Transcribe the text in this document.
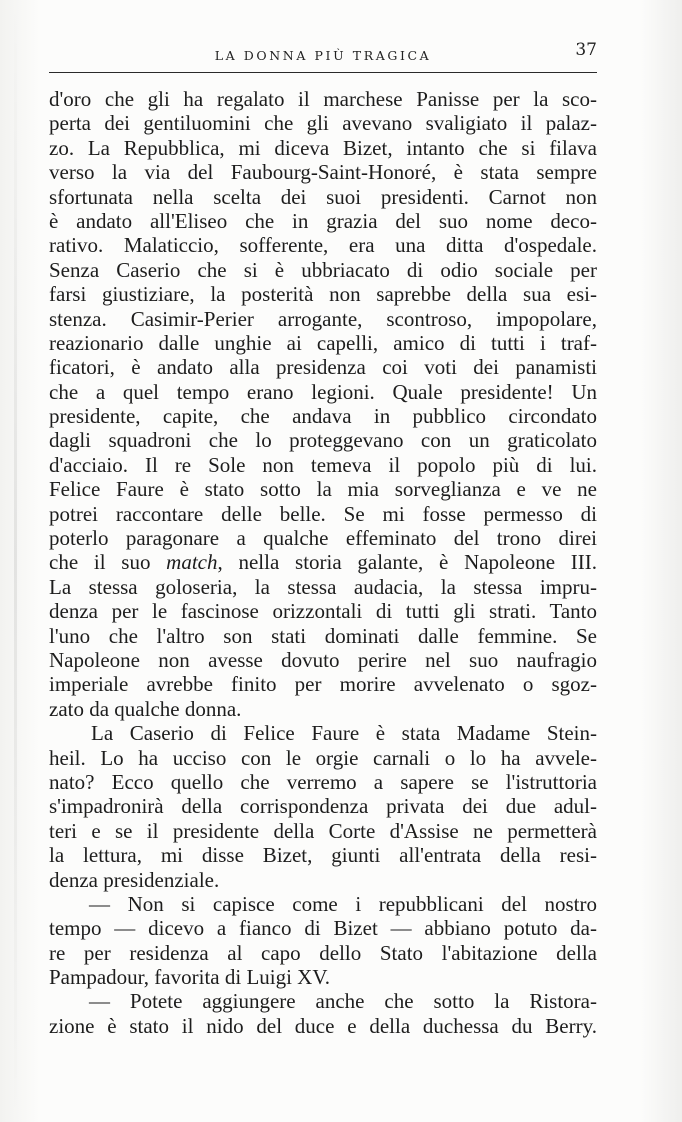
LA DONNA PIÙ TRAGICA	37
d'oro che gli ha regalato il marchese Panisse per la sco-
perta dei gentiluomini che gli avevano svaligiato il palaz-
zo. La Repubblica, mi diceva Bizet, intanto che si filava
verso la via del Faubourg-Saint-Honoré, è stata sempre
sfortunata nella scelta dei suoi presidenti. Carnot non
è andato all'Eliseo che in grazia del suo nome deco-
rativo. Malaticcio, sofferente, era una ditta d'ospedale.
Senza Caserio che si è ubbriacato di odio sociale per
farsi giustiziare, la posterità non saprebbe della sua esi-
stenza. Casimir-Perier arrogante, scontroso, impopolare,
reazionario dalle unghie ai capelli, amico di tutti i traf-
ficatori, è andato alla presidenza coi voti dei panamisti
che a quel tempo erano legioni. Quale presidente! Un
presidente, capite, che andava in pubblico circondato
dagli squadroni che lo proteggevano con un graticolato
d'acciaio. Il re Sole non temeva il popolo più di lui.
Felice Faure è stato sotto la mia sorveglianza e ve ne
potrei raccontare delle belle. Se mi fosse permesso di
poterlo paragonare a qualche effeminato del trono direi
che il suo match, nella storia galante, è Napoleone III.
La stessa goloseria, la stessa audacia, la stessa impru-
denza per le fascinose orizzontali di tutti gli strati. Tanto
l'uno che l'altro son stati dominati dalle femmine. Se
Napoleone non avesse dovuto perire nel suo naufragio
imperiale avrebbe finito per morire avvelenato o sgoz-
zato da qualche donna.
La Caserio di Felice Faure è stata Madame Stein-
heil. Lo ha ucciso con le orgie carnali o lo ha avvele-
nato? Ecco quello che verremo a sapere se l'istruttoria
s'impadronirà della corrispondenza privata dei due adul-
teri e se il presidente della Corte d'Assise ne permetterà
la lettura, mi disse Bizet, giunti all'entrata della resi-
denza presidenziale.
— Non si capisce come i repubblicani del nostro
tempo — dicevo a fianco di Bizet — abbiano potuto da-
re per residenza al capo dello Stato l'abitazione della
Pampadour, favorita di Luigi XV.
— Potete aggiungere anche che sotto la Ristora-
zione è stato il nido del duce e della duchessa du Berry.
